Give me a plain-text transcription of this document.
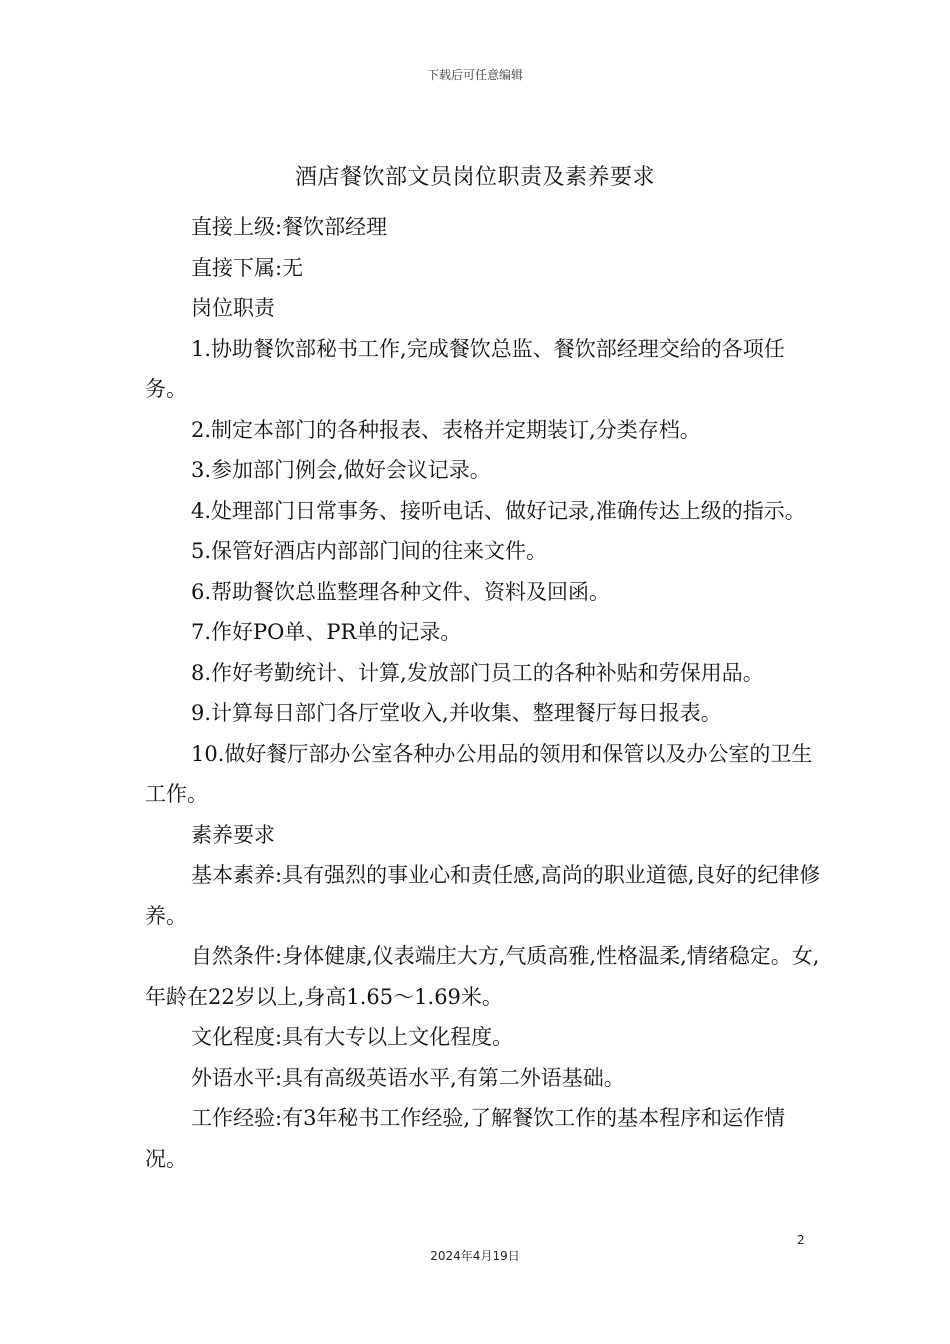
下载后可任意编辑
酒店餐饮部文员岗位职责及素养要求

直接上级:餐饮部经理

直接下属:无

岗位职责

1.协助餐饮部秘书工作,完成餐饮总监、餐饮部经理交给的各项任务。

2.制定本部门的各种报表、表格并定期装订,分类存档。

3.参加部门例会,做好会议记录。

4.处理部门日常事务、接听电话、做好记录,准确传达上级的指示。

5.保管好酒店内部部门间的往来文件。

6.帮助餐饮总监整理各种文件、资料及回函。

7.作好PO单、PR单的记录。

8.作好考勤统计、计算,发放部门员工的各种补贴和劳保用品。

9.计算每日部门各厅堂收入,并收集、整理餐厅每日报表。

10.做好餐厅部办公室各种办公用品的领用和保管以及办公室的卫生工作。

素养要求

基本素养:具有强烈的事业心和责任感,高尚的职业道德,良好的纪律修养。

自然条件:身体健康,仪表端庄大方,气质高雅,性格温柔,情绪稳定。女,年龄在22岁以上,身高1.65～1.69米。

文化程度:具有大专以上文化程度。

外语水平:具有高级英语水平,有第二外语基础。

工作经验:有3年秘书工作经验,了解餐饮工作的基本程序和运作情况。

2
2024年4月19日
